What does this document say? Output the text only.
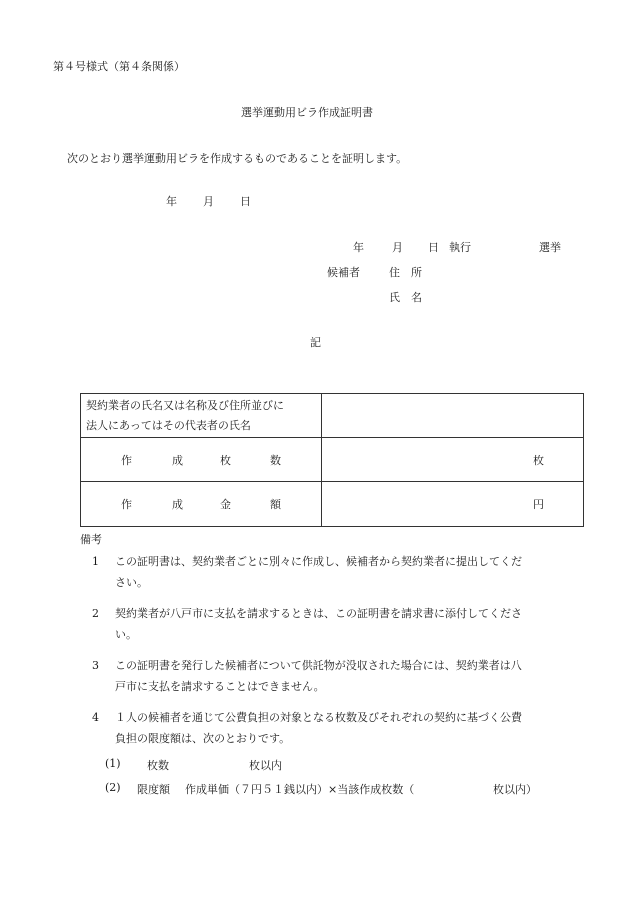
第４号様式（第４条関係）
選挙運動用ビラ作成証明書
次のとおり選挙運動用ビラを作成するものであることを証明します。
年 月 日
年	月 日 執行	選挙
候補者	住　所
氏　名
記
契約業者の氏名又は名称及び住所並びに
法人にあってはその代表者の氏名	

作 成 枚 数	枚

作 成 金 額	円
備考
1	この証明書は、契約業者ごとに別々に作成し、候補者から契約業者に提出してくだ
さい。
2	契約業者が八戸市に支払を請求するときは、この証明書を請求書に添付してくださ
い。
3	この証明書を発行した候補者について供託物が没収された場合には、契約業者は八
戸市に支払を請求することはできません。
4	１人の候補者を通じて公費負担の対象となる枚数及びそれぞれの契約に基づく公費
負担の限度額は、次のとおりです。
(1) 枚数	枚以内
(2) 限度額 作成単価（７円５１銭以内）×当該作成枚数（	枚以内）
